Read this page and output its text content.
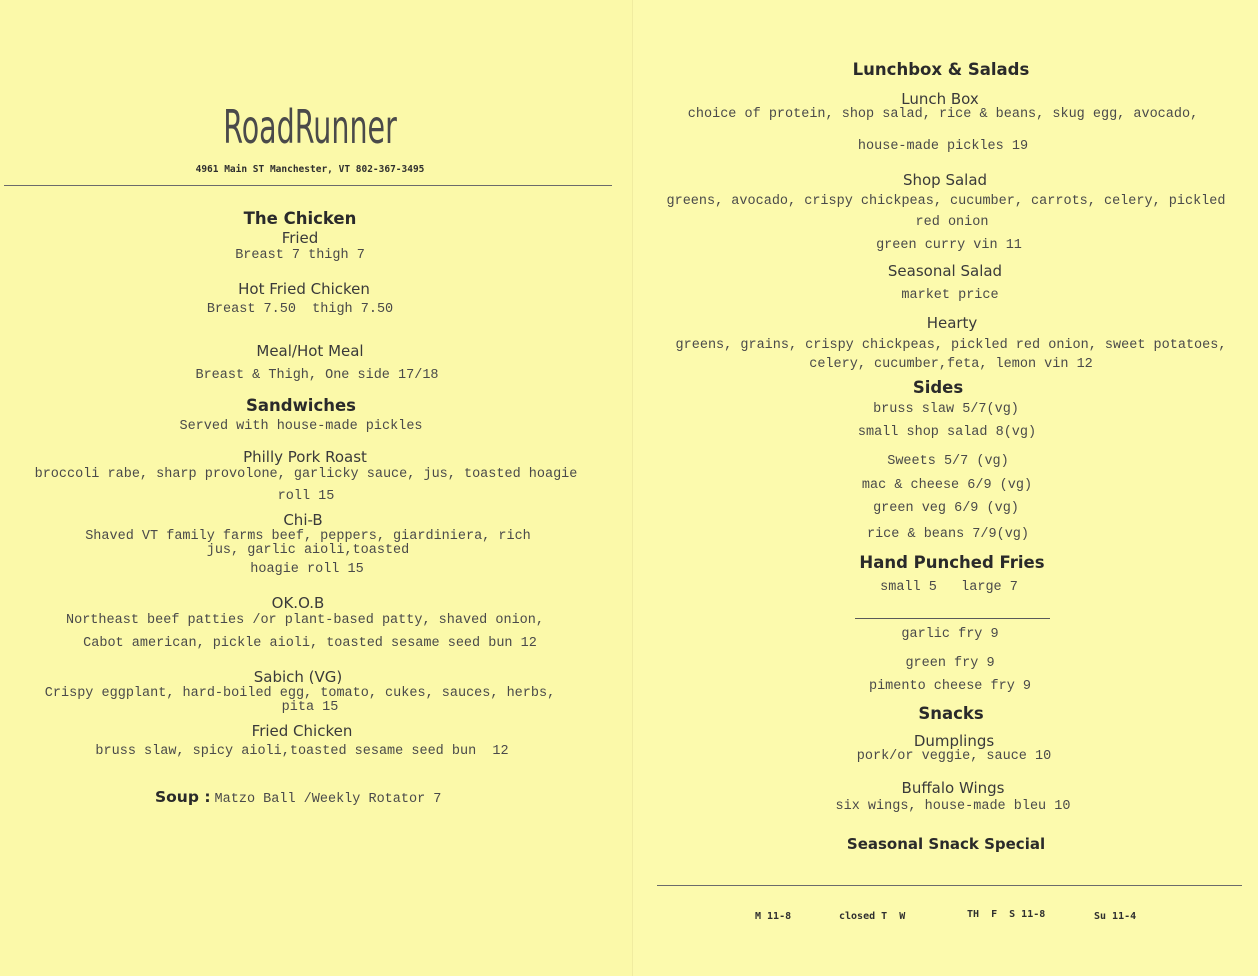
RoadRunner
4961 Main ST Manchester, VT 802-367-3495
The Chicken
Fried
Breast 7 thigh 7
Hot Fried Chicken
Breast 7.50  thigh 7.50
Meal/Hot Meal
Breast & Thigh, One side 17/18
Sandwiches
Served with house-made pickles
Philly Pork Roast
broccoli rabe, sharp provolone, garlicky sauce, jus, toasted hoagie
roll 15
Chi-B
Shaved VT family farms beef, peppers, giardiniera, rich
jus, garlic aioli,toasted
hoagie roll 15
OK.O.B
Northeast beef patties /or plant-based patty, shaved onion,
Cabot american, pickle aioli, toasted sesame seed bun 12
Sabich (VG)
Crispy eggplant, hard-boiled egg, tomato, cukes, sauces, herbs,
pita 15
Fried Chicken
bruss slaw, spicy aioli,toasted sesame seed bun  12
Soup : Matzo Ball /Weekly Rotator 7
Lunchbox & Salads
Lunch Box
choice of protein, shop salad, rice & beans, skug egg, avocado,
house-made pickles 19
Shop Salad
greens, avocado, crispy chickpeas, cucumber, carrots, celery, pickled
red onion
green curry vin 11
Seasonal Salad
market price
Hearty
greens, grains, crispy chickpeas, pickled red onion, sweet potatoes,
celery, cucumber,feta, lemon vin 12
Sides
bruss slaw 5/7(vg)
small shop salad 8(vg)
Sweets 5/7 (vg)
mac & cheese 6/9 (vg)
green veg 6/9 (vg)
rice & beans 7/9(vg)
Hand Punched Fries
small 5   large 7
garlic fry 9
green fry 9
pimento cheese fry 9
Snacks
Dumplings
pork/or veggie, sauce 10
Buffalo Wings
six wings, house-made bleu 10
Seasonal Snack Special
M 11-8	closed T  W	TH  F  S 11-8	Su 11-4
